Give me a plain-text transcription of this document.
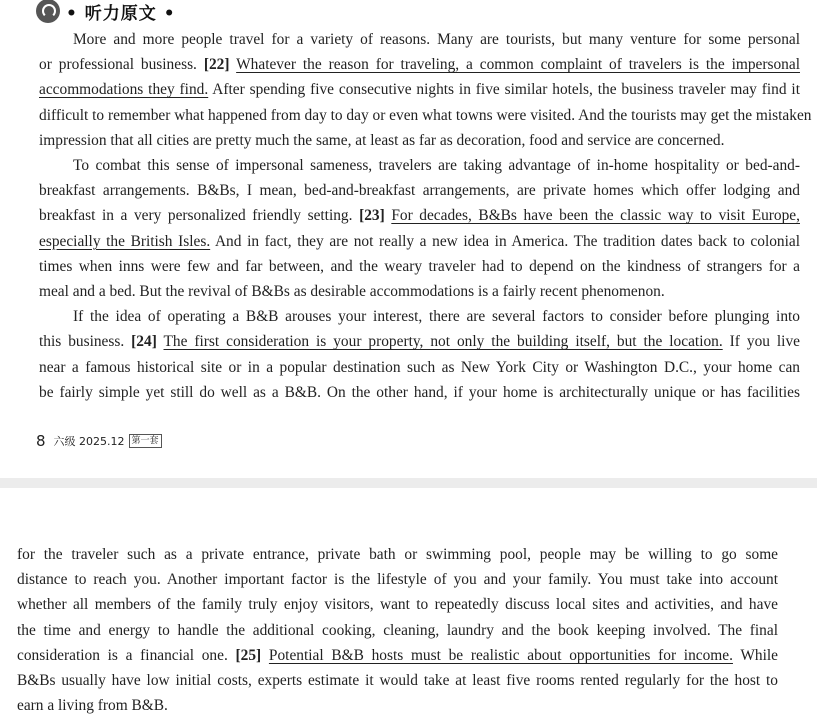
• 听力原文 •
More and more people travel for a variety of reasons. Many are tourists, but many venture for some personal
or professional business. [22] Whatever the reason for traveling, a common complaint of travelers is the impersonal
accommodations they find. After spending five consecutive nights in five similar hotels, the business traveler may find it
difficult to remember what happened from day to day or even what towns were visited. And the tourists may get the mistaken
impression that all cities are pretty much the same, at least as far as decoration, food and service are concerned.
To combat this sense of impersonal sameness, travelers are taking advantage of in-home hospitality or bed-and-
breakfast arrangements. B&Bs, I mean, bed-and-breakfast arrangements, are private homes which offer lodging and
breakfast in a very personalized friendly setting. [23] For decades, B&Bs have been the classic way to visit Europe,
especially the British Isles. And in fact, they are not really a new idea in America. The tradition dates back to colonial
times when inns were few and far between, and the weary traveler had to depend on the kindness of strangers for a
meal and a bed. But the revival of B&Bs as desirable accommodations is a fairly recent phenomenon.
If the idea of operating a B&B arouses your interest, there are several factors to consider before plunging into
this business. [24] The first consideration is your property, not only the building itself, but the location. If you live
near a famous historical site or in a popular destination such as New York City or Washington D.C., your home can
be fairly simple yet still do well as a B&B. On the other hand, if your home is architecturally unique or has facilities
8 六级 2025.12 第一套
for the traveler such as a private entrance, private bath or swimming pool, people may be willing to go some
distance to reach you. Another important factor is the lifestyle of you and your family. You must take into account
whether all members of the family truly enjoy visitors, want to repeatedly discuss local sites and activities, and have
the time and energy to handle the additional cooking, cleaning, laundry and the book keeping involved. The final
consideration is a financial one. [25] Potential B&B hosts must be realistic about opportunities for income. While
B&Bs usually have low initial costs, experts estimate it would take at least five rooms rented regularly for the host to
earn a living from B&B.
